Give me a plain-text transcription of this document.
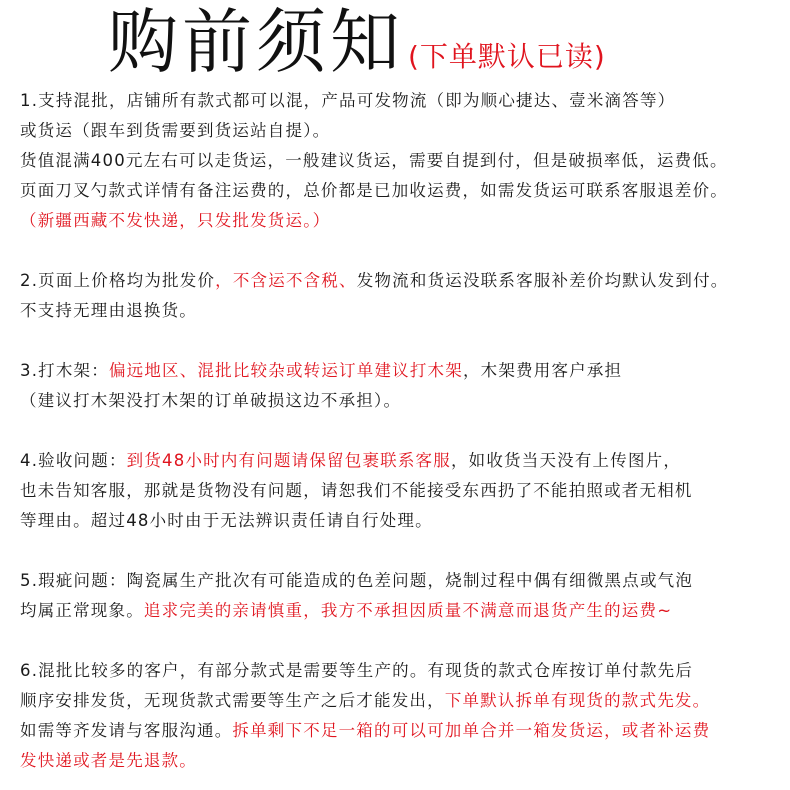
购前须知 (下单默认已读)
1.支持混批，店铺所有款式都可以混，产品可发物流（即为顺心捷达、壹米滴答等）
或货运（跟车到货需要到货运站自提）。
货值混满400元左右可以走货运，一般建议货运，需要自提到付，但是破损率低，运费低。
页面刀叉勺款式详情有备注运费的，总价都是已加收运费，如需发货运可联系客服退差价。
（新疆西藏不发快递，只发批发货运。）
2.页面上价格均为批发价，不含运不含税、发物流和货运没联系客服补差价均默认发到付。
不支持无理由退换货。
3.打木架：偏远地区、混批比较杂或转运订单建议打木架，木架费用客户承担
（建议打木架没打木架的订单破损这边不承担）。
4.验收问题：到货48小时内有问题请保留包裹联系客服，如收货当天没有上传图片，
也未告知客服，那就是货物没有问题，请恕我们不能接受东西扔了不能拍照或者无相机
等理由。超过48小时由于无法辨识责任请自行处理。
5.瑕疵问题：陶瓷属生产批次有可能造成的色差问题，烧制过程中偶有细微黑点或气泡
均属正常现象。追求完美的亲请慎重，我方不承担因质量不满意而退货产生的运费~
6.混批比较多的客户，有部分款式是需要等生产的。有现货的款式仓库按订单付款先后
顺序安排发货，无现货款式需要等生产之后才能发出，下单默认拆单有现货的款式先发。
如需等齐发请与客服沟通。拆单剩下不足一箱的可以可加单合并一箱发货运，或者补运费
发快递或者是先退款。
